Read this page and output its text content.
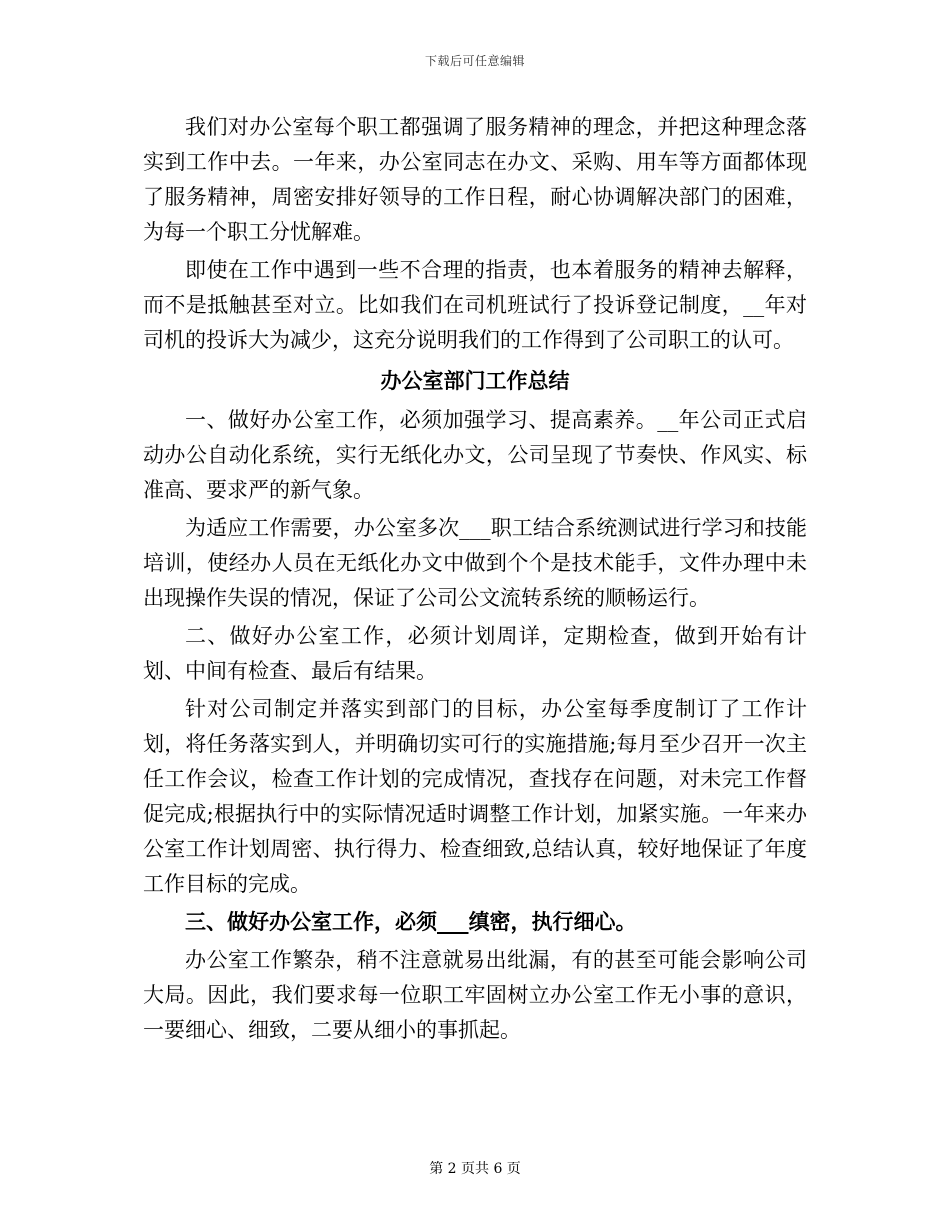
下载后可任意编辑

我们对办公室每个职工都强调了服务精神的理念，并把这种理念落实到工作中去。一年来，办公室同志在办文、采购、用车等方面都体现了服务精神，周密安排好领导的工作日程，耐心协调解决部门的困难，为每一个职工分忧解难。

即使在工作中遇到一些不合理的指责，也本着服务的精神去解释，而不是抵触甚至对立。比如我们在司机班试行了投诉登记制度，__年对司机的投诉大为减少，这充分说明我们的工作得到了公司职工的认可。

办公室部门工作总结

一、做好办公室工作，必须加强学习、提高素养。__年公司正式启动办公自动化系统，实行无纸化办文，公司呈现了节奏快、作风实、标准高、要求严的新气象。

为适应工作需要，办公室多次___职工结合系统测试进行学习和技能培训，使经办人员在无纸化办文中做到个个是技术能手，文件办理中未出现操作失误的情况，保证了公司公文流转系统的顺畅运行。

二、做好办公室工作，必须计划周详，定期检查，做到开始有计划、中间有检查、最后有结果。

针对公司制定并落实到部门的目标，办公室每季度制订了工作计划，将任务落实到人，并明确切实可行的实施措施;每月至少召开一次主任工作会议，检查工作计划的完成情况，查找存在问题，对未完工作督促完成;根据执行中的实际情况适时调整工作计划，加紧实施。一年来办公室工作计划周密、执行得力、检查细致,总结认真，较好地保证了年度工作目标的完成。

三、做好办公室工作，必须___缜密，执行细心。

办公室工作繁杂，稍不注意就易出纰漏，有的甚至可能会影响公司大局。因此，我们要求每一位职工牢固树立办公室工作无小事的意识，一要细心、细致，二要从细小的事抓起。

第 2 页共 6 页
